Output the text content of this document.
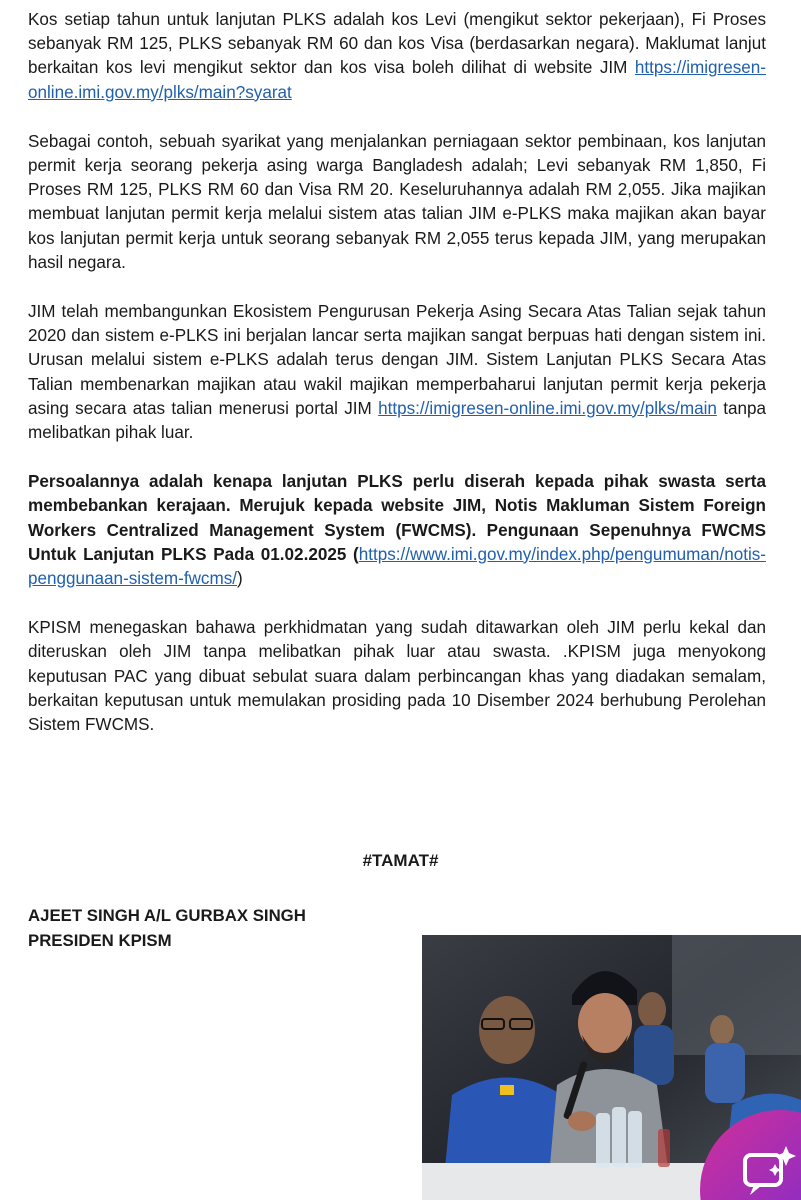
Kos setiap tahun untuk lanjutan PLKS adalah kos Levi (mengikut sektor pekerjaan), Fi Proses sebanyak RM 125, PLKS sebanyak RM 60 dan kos Visa (berdasarkan negara). Maklumat lanjut berkaitan kos levi mengikut sektor dan kos visa boleh dilihat di website JIM https://imigresen-online.imi.gov.my/plks/main?syarat

Sebagai contoh, sebuah syarikat yang menjalankan perniagaan sektor pembinaan, kos lanjutan permit kerja seorang pekerja asing warga Bangladesh adalah; Levi sebanyak RM 1,850, Fi Proses RM 125, PLKS RM 60 dan Visa RM 20. Keseluruhannya adalah RM 2,055. Jika majikan membuat lanjutan permit kerja melalui sistem atas talian JIM e-PLKS maka majikan akan bayar kos lanjutan permit kerja untuk seorang sebanyak RM 2,055 terus kepada JIM, yang merupakan hasil negara.

JIM telah membangunkan Ekosistem Pengurusan Pekerja Asing Secara Atas Talian sejak tahun 2020 dan sistem e-PLKS ini berjalan lancar serta majikan sangat berpuas hati dengan sistem ini. Urusan melalui sistem e-PLKS adalah terus dengan JIM. Sistem Lanjutan PLKS Secara Atas Talian membenarkan majikan atau wakil majikan memperbaharui lanjutan permit kerja pekerja asing secara atas talian menerusi portal JIM https://imigresen-online.imi.gov.my/plks/main tanpa melibatkan pihak luar.

Persoalannya adalah kenapa lanjutan PLKS perlu diserah kepada pihak swasta serta membebankan kerajaan. Merujuk kepada website JIM, Notis Makluman Sistem Foreign Workers Centralized Management System (FWCMS). Pengunaan Sepenuhnya FWCMS Untuk Lanjutan PLKS Pada 01.02.2025 (https://www.imi.gov.my/index.php/pengumuman/notis-penggunaan-sistem-fwcms/)

KPISM menegaskan bahawa perkhidmatan yang sudah ditawarkan oleh JIM perlu kekal dan diteruskan oleh JIM tanpa melibatkan pihak luar atau swasta. .KPISM juga menyokong keputusan PAC yang dibuat sebulat suara dalam perbincangan khas yang diadakan semalam, berkaitan keputusan untuk memulakan prosiding pada 10 Disember 2024 berhubung Perolehan Sistem FWCMS.

#TAMAT#
AJEET SINGH A/L GURBAX SINGH
PRESIDEN KPISM
